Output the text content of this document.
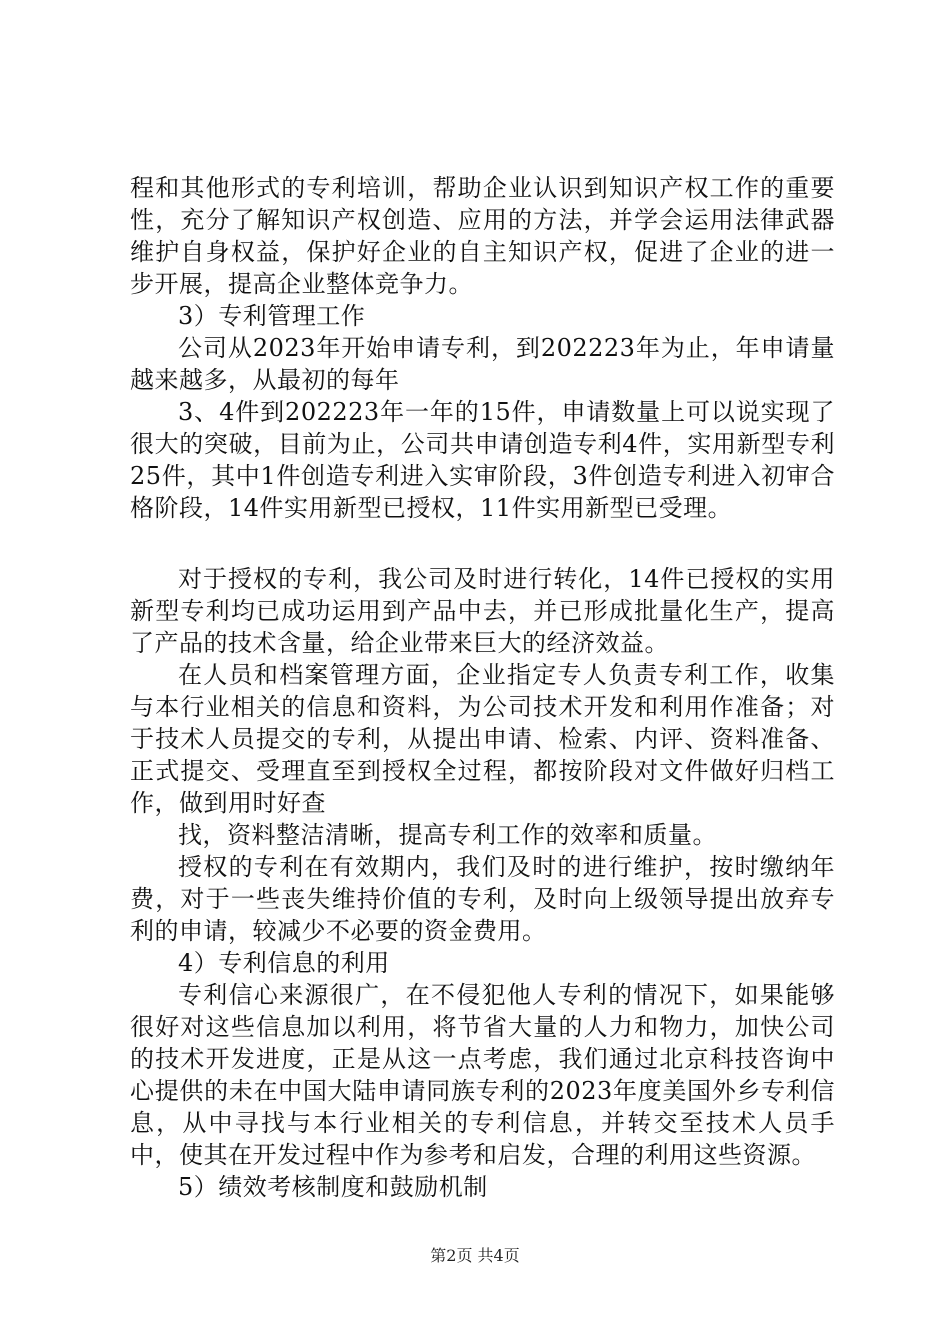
程和其他形式的专利培训，帮助企业认识到知识产权工作的重要性，充分了解知识产权创造、应用的方法，并学会运用法律武器维护自身权益，保护好企业的自主知识产权，促进了企业的进一步开展，提高企业整体竞争力。

3）专利管理工作

公司从2023年开始申请专利，到202223年为止，年申请量越来越多，从最初的每年

3、4件到202223年一年的15件，申请数量上可以说实现了很大的突破，目前为止，公司共申请创造专利4件，实用新型专利25件，其中1件创造专利进入实审阶段，3件创造专利进入初审合格阶段，14件实用新型已授权，11件实用新型已受理。

对于授权的专利，我公司及时进行转化，14件已授权的实用新型专利均已成功运用到产品中去，并已形成批量化生产，提高了产品的技术含量，给企业带来巨大的经济效益。

在人员和档案管理方面，企业指定专人负责专利工作，收集与本行业相关的信息和资料，为公司技术开发和利用作准备；对于技术人员提交的专利，从提出申请、检索、内评、资料准备、正式提交、受理直至到授权全过程，都按阶段对文件做好归档工作，做到用时好查

找，资料整洁清晰，提高专利工作的效率和质量。

授权的专利在有效期内，我们及时的进行维护，按时缴纳年费，对于一些丧失维持价值的专利，及时向上级领导提出放弃专利的申请，较减少不必要的资金费用。

4）专利信息的利用

专利信心来源很广，在不侵犯他人专利的情况下，如果能够很好对这些信息加以利用，将节省大量的人力和物力，加快公司的技术开发进度，正是从这一点考虑，我们通过北京科技咨询中心提供的未在中国大陆申请同族专利的2023年度美国外乡专利信息，从中寻找与本行业相关的专利信息，并转交至技术人员手中，使其在开发过程中作为参考和启发，合理的利用这些资源。

5）绩效考核制度和鼓励机制

第2页 共4页
